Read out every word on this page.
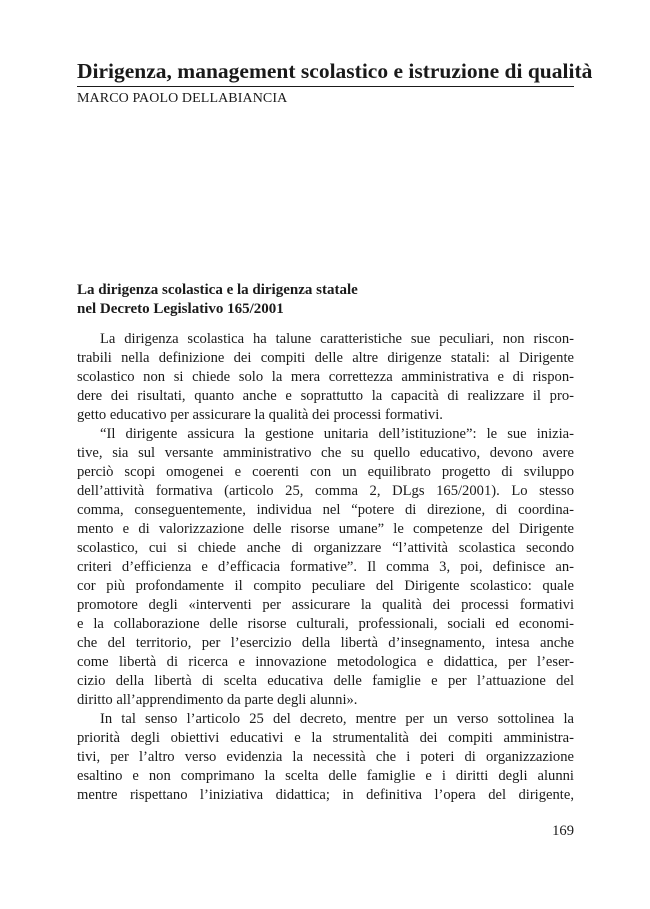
Dirigenza, management scolastico e istruzione di qualità
MARCO PAOLO DELLABIANCIA
La dirigenza scolastica e la dirigenza statale
nel Decreto Legislativo 165/2001
La dirigenza scolastica ha talune caratteristiche sue peculiari, non riscon-
trabili nella definizione dei compiti delle altre dirigenze statali: al Dirigente
scolastico non si chiede solo la mera correttezza amministrativa e di rispon-
dere dei risultati, quanto anche e soprattutto la capacità di realizzare il pro-
getto educativo per assicurare la qualità dei processi formativi.
“Il dirigente assicura la gestione unitaria dell’istituzione”: le sue inizia-
tive, sia sul versante amministrativo che su quello educativo, devono avere
perciò scopi omogenei e coerenti con un equilibrato progetto di sviluppo
dell’attività formativa (articolo 25, comma 2, DLgs 165/2001). Lo stesso
comma, conseguentemente, individua nel “potere di direzione, di coordina-
mento e di valorizzazione delle risorse umane” le competenze del Dirigente
scolastico, cui si chiede anche di organizzare “l’attività scolastica secondo
criteri d’efficienza e d’efficacia formative”. Il comma 3, poi, definisce an-
cor più profondamente il compito peculiare del Dirigente scolastico: quale
promotore degli «interventi per assicurare la qualità dei processi formativi
e la collaborazione delle risorse culturali, professionali, sociali ed economi-
che del territorio, per l’esercizio della libertà d’insegnamento, intesa anche
come libertà di ricerca e innovazione metodologica e didattica, per l’eser-
cizio della libertà di scelta educativa delle famiglie e per l’attuazione del
diritto all’apprendimento da parte degli alunni».
In tal senso l’articolo 25 del decreto, mentre per un verso sottolinea la
priorità degli obiettivi educativi e la strumentalità dei compiti amministra-
tivi, per l’altro verso evidenzia la necessità che i poteri di organizzazione
esaltino e non comprimano la scelta delle famiglie e i diritti degli alunni
mentre rispettano l’iniziativa didattica; in definitiva l’opera del dirigente,
169
